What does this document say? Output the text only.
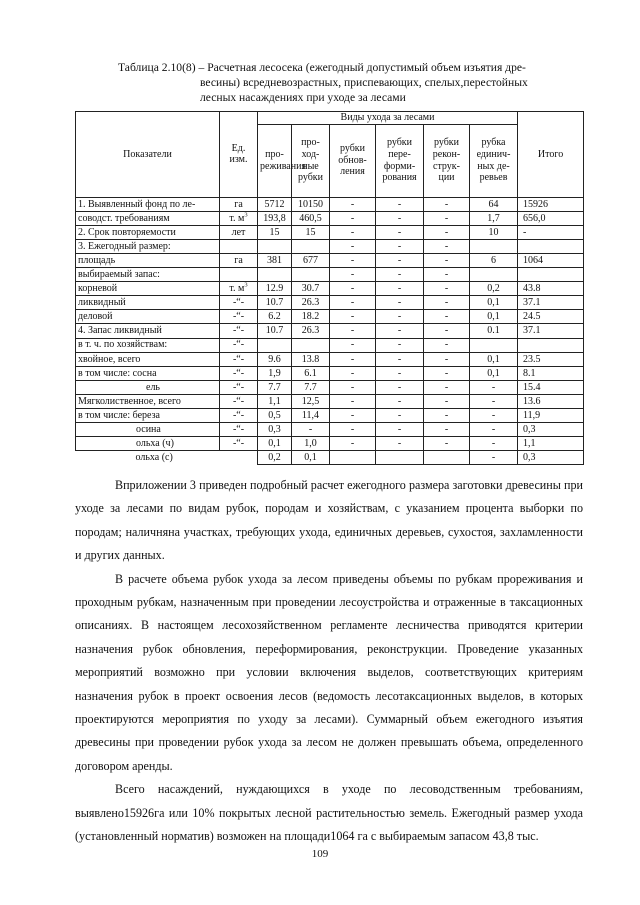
Таблица 2.10(8) – Расчетная лесосека (ежегодный допустимый объем изъятия дре-
весины) всредневозрастных, приспевающих, спелых,перестойных
лесных насаждениях при уходе за лесами
Показатели	Ед. изм.	Виды ухода за лесами						Итого
		про-реживания	про-ход-ные рубки	рубки обнов-ления	рубки пере-форми-рования	рубки рекон-струк-ции	рубка единич-ных де-ревьев	
1. Выявленный фонд по ле-	га	5712	10150	-	-	-	64	15926
соводст. требованиям	т. $м^3$	193,8	460,5	-	-	-	1,7	656,0
2. Срок повторяемости	лет	15	15	-	-	-	10	-
3. Ежегодный размер:				-	-	-		
площадь	га	381	677	-	-	-	6	1064
выбираемый запас:				-	-	-		
корневой	т. $м^3$	12.9	30.7	-	-	-	0,2	43.8
ликвидный	-“-	10.7	26.3	-	-	-	0,1	37.1
деловой	-“-	6.2	18.2	-	-	-	0,1	24.5
4. Запас ликвидный	-“-	10.7	26.3	-	-	-	0.1	37.1
в т. ч. по хозяйствам:	-“-			-	-	-		
хвойное, всего	-“-	9.6	13.8	-	-	-	0,1	23.5
в том числе: сосна	-“-	1,9	6.1	-	-	-	0,1	8.1
ель	-“-	7.7	7.7	-	-	-	-	15.4
Мягколиственное, всего	-“-	1,1	12,5	-	-	-	-	13.6
в том числе: береза	-“-	0,5	11,4	-	-	-	-	11,9
осина	-“-	0,3	-	-	-	-	-	0,3
ольха (ч)	-“-	0,1	1,0	-	-	-	-	1,1
ольха (с)		0,2	0,1				-	0,3

Вприложении 3 приведен подробный расчет ежегодного размера заготовки древесины при уходе за лесами по видам рубок, породам и хозяйствам, с указанием процента выборки по породам; наличняна участках, требующих ухода, единичных деревьев, сухостоя, захламленности и других данных.

В расчете объема рубок ухода за лесом приведены объемы по рубкам прореживания и проходным рубкам, назначенным при проведении лесоустройства и отраженные в таксационных описаниях. В настоящем лесохозяйственном регламенте лесничества приводятся критерии назначения рубок обновления, переформирования, реконструкции. Проведение указанных мероприятий возможно при условии включения выделов, соответствующих критериям назначения рубок в проект освоения лесов (ведомость лесотаксационных выделов, в которых проектируются мероприятия по уходу за лесами). Суммарный объем ежегодного изъятия древесины при проведении рубок ухода за лесом не должен превышать объема, определенного договором аренды.

Всего насаждений, нуждающихся в уходе по лесоводственным требованиям, выявлено15926га или 10% покрытых лесной растительностью земель. Ежегодный размер ухода (установленный норматив) возможен на площади1064 га с выбираемым запасом 43,8 тыс.

109
